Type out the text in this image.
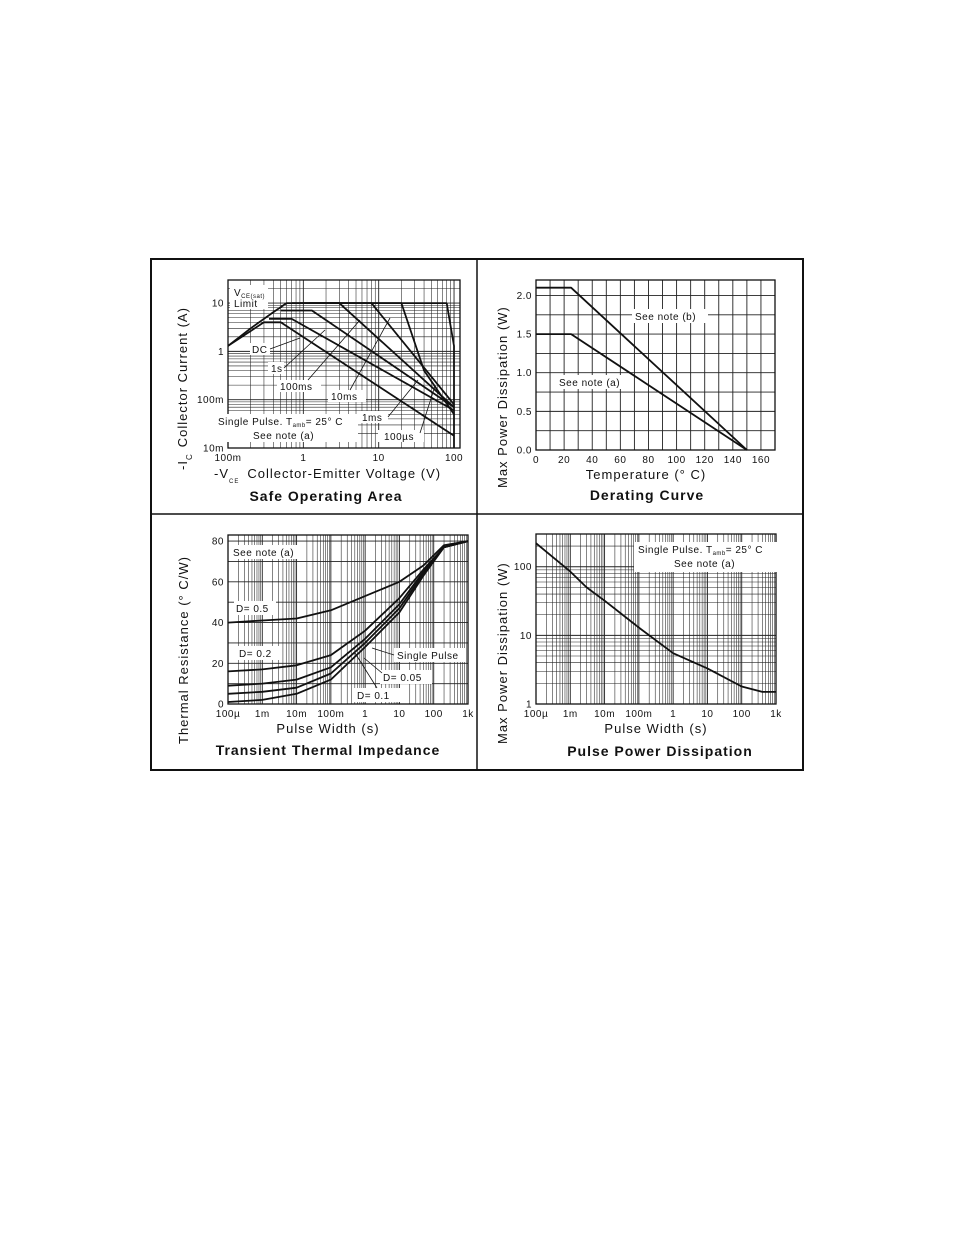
100m	1	10	100
10m
100m
1
10
$V_{CE(sat)}$
Limit
DC
1s
100ms
10ms
1ms
100µs
Single Pulse. $T_{amb}= 25^\circ$ C
See note (a)
$-V_{CE}Collector$-Emitter Voltage (V)
$-I_CCollector$ Current (A)
Safe Operating Area
0 20 40 60 80 100 120 140 160
0.0
0.5
1.0
1.5
2.0
See note (b)
See note (a)
Temperature (° C)
Max Power Dissipation (W)
Derating Curve
100µ 1m 10m 100m 1	10 100 1k
0
20
40
60
80
See note (a)
D= 0.5
D= 0.2	Single Pulse
D= 0.05
D= 0.1
Pulse Width (s)
Thermal Resistance (° C/W)
Transient Thermal Impedance
100µ 1m 10m 100m 1	10 100 1k
1
10
100
Single Pulse. $T_{amb}= 25^\circ$ C
See note (a)
Pulse Width (s)
Max Power Dissipation (W)
Pulse Power Dissipation
